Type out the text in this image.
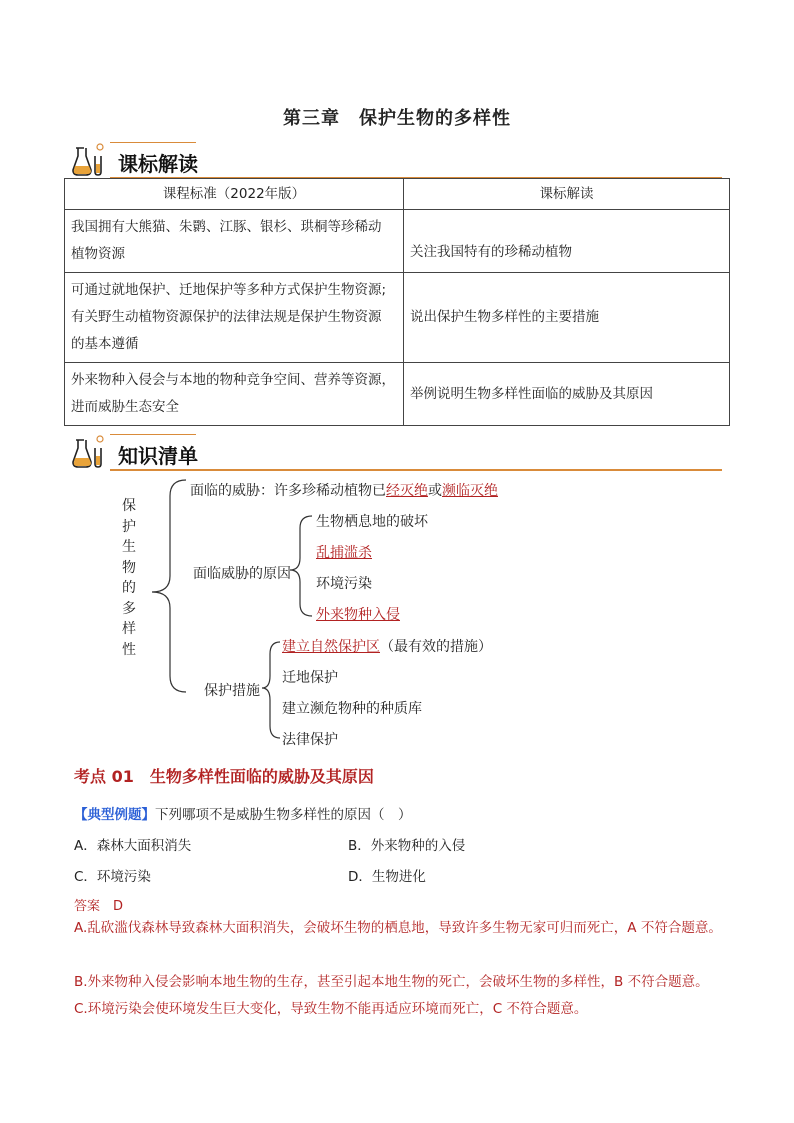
第三章　保护生物的多样性
课标解读
课程标准（2022年版）	课标解读

我国拥有大熊猫、朱鹮、江豚、银杉、珙桐等珍稀动
植物资源	关注我国特有的珍稀动植物

可通过就地保护、迁地保护等多种方式保护生物资源;
有关野生动植物资源保护的法律法规是保护生物资源
的基本遵循	说出保护生物多样性的主要措施

外来物种入侵会与本地的物种竞争空间、营养等资源，
进而威胁生态安全	举例说明生物多样性面临的威胁及其原因
知识清单
保护生物的多样性
面临的威胁：许多珍稀动植物已经灭绝或濒临灭绝
面临威胁的原因
生物栖息地的破坏
乱捕滥杀
环境污染
外来物种入侵
保护措施
建立自然保护区（最有效的措施）
迁地保护
建立濒危物种的种质库
法律保护
考点 01　生物多样性面临的威胁及其原因
【典型例题】下列哪项不是威胁生物多样性的原因（　）
A．森林大面积消失	B．外来物种的入侵
C．环境污染	D．生物进化
答案　D
A.乱砍滥伐森林导致森林大面积消失，会破坏生物的栖息地，导致许多生物无家可归而死亡，A 不符合题意。
B.外来物种入侵会影响本地生物的生存，甚至引起本地生物的死亡，会破坏生物的多样性，B 不符合题意。
C.环境污染会使环境发生巨大变化，导致生物不能再适应环境而死亡，C 不符合题意。
